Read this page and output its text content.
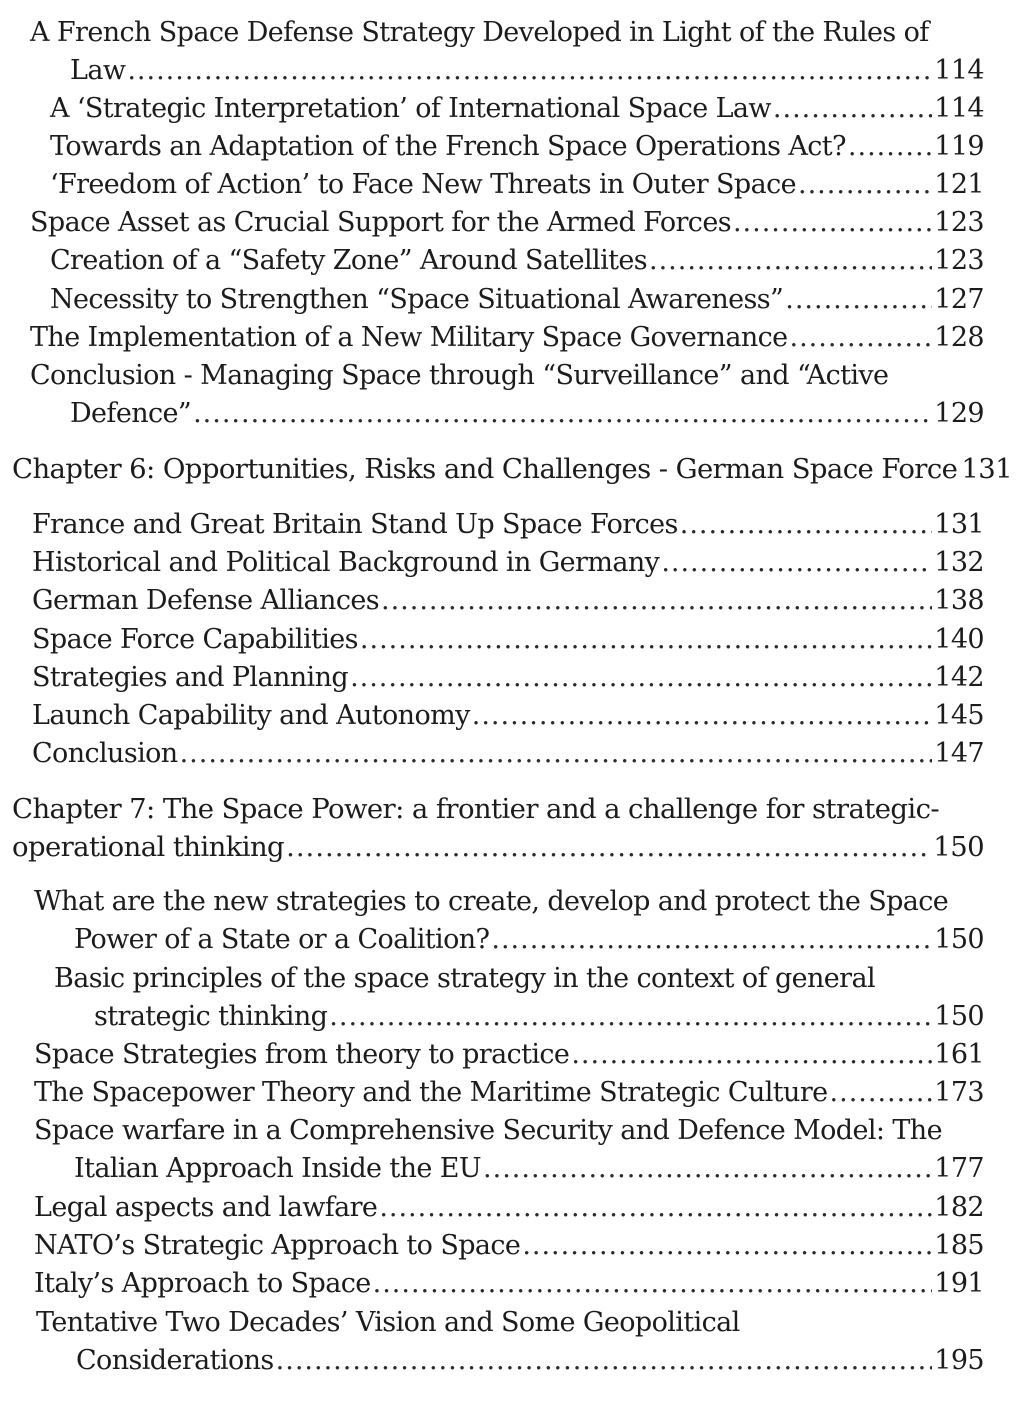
A French Space Defense Strategy Developed in Light of the Rules of
Law .....	114
A ‘Strategic Interpretation’ of International Space Law .....	114
Towards an Adaptation of the French Space Operations Act? .....	119
‘Freedom of Action’ to Face New Threats in Outer Space .....	121
Space Asset as Crucial Support for the Armed Forces .....	123
Creation of a “Safety Zone” Around Satellites .....	123
Necessity to Strengthen “Space Situational Awareness” .....	127
The Implementation of a New Military Space Governance .....	128
Conclusion - Managing Space through “Surveillance” and “Active
Defence” .....	129
Chapter 6: Opportunities, Risks and Challenges - German Space Force 131
France and Great Britain Stand Up Space Forces .....	131
Historical and Political Background in Germany .....	132
German Defense Alliances .....	138
Space Force Capabilities .....	140
Strategies and Planning .....	142
Launch Capability and Autonomy .....	145
Conclusion .....	147
Chapter 7: The Space Power: a frontier and a challenge for strategic-
operational thinking .....	150
What are the new strategies to create, develop and protect the Space
Power of a State or a Coalition? .....	150
Basic principles of the space strategy in the context of general
strategic thinking .....	150
Space Strategies from theory to practice .....	161
The Spacepower Theory and the Maritime Strategic Culture .....	173
Space warfare in a Comprehensive Security and Defence Model: The
Italian Approach Inside the EU .....	177
Legal aspects and lawfare .....	182
NATO’s Strategic Approach to Space .....	185
Italy’s Approach to Space .....	191
Tentative Two Decades’ Vision and Some Geopolitical
Considerations .....	195
